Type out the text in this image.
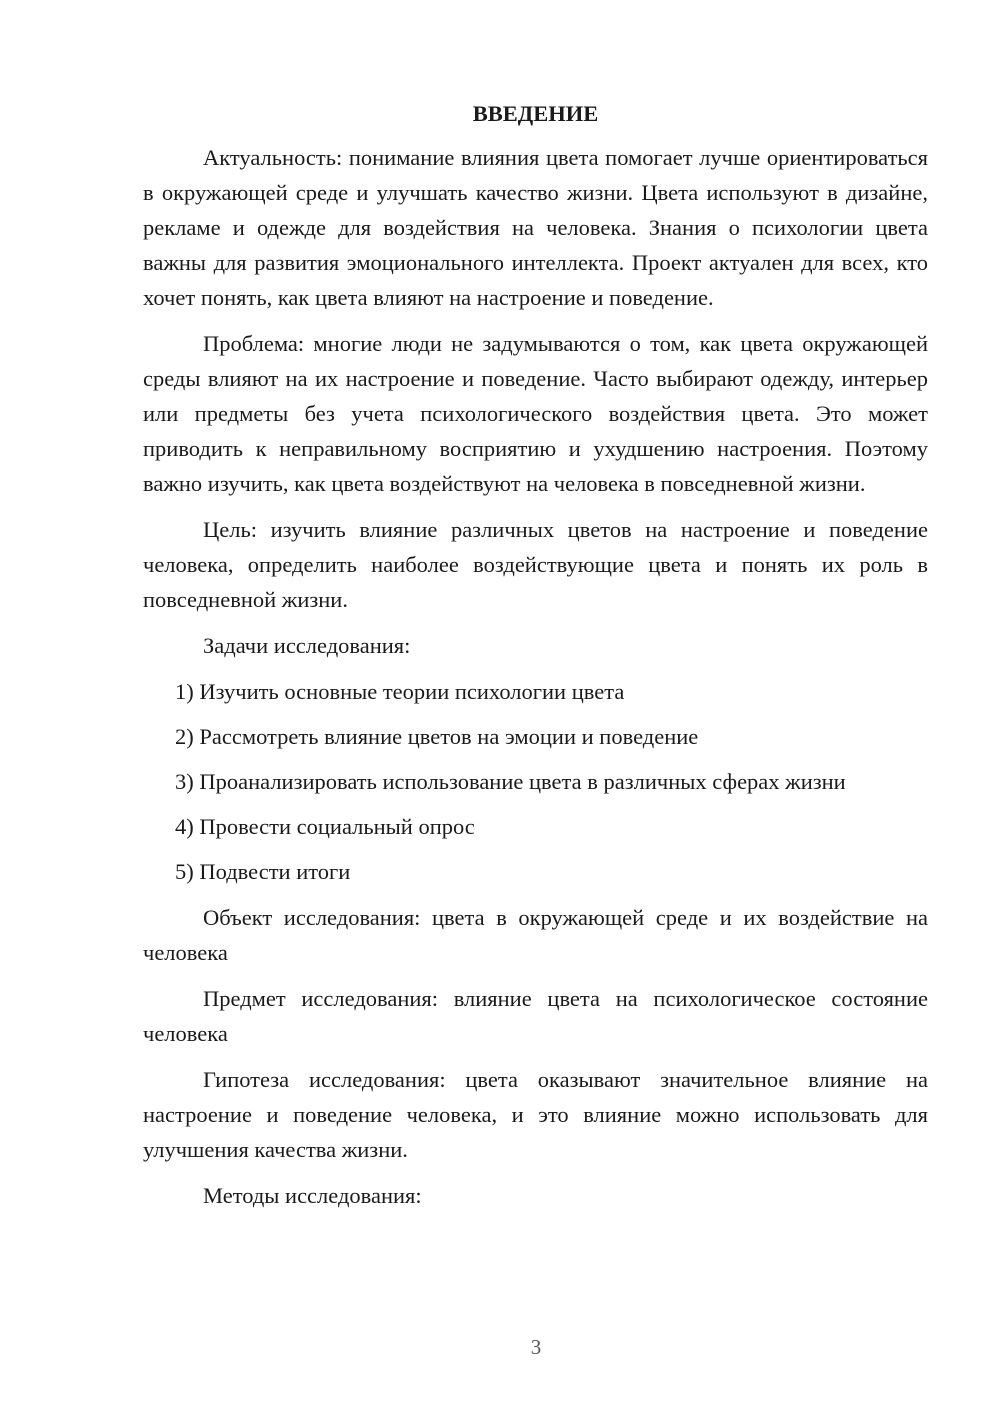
ВВЕДЕНИЕ

Актуальность: понимание влияния цвета помогает лучше ориентироваться в окружающей среде и улучшать качество жизни. Цвета используют в дизайне, рекламе и одежде для воздействия на человека. Знания о психологии цвета важны для развития эмоционального интеллекта. Проект актуален для всех, кто хочет понять, как цвета влияют на настроение и поведение.

Проблема: многие люди не задумываются о том, как цвета окружающей среды влияют на их настроение и поведение. Часто выбирают одежду, интерьер или предметы без учета психологического воздействия цвета. Это может приводить к неправильному восприятию и ухудшению настроения. Поэтому важно изучить, как цвета воздействуют на человека в повседневной жизни.

Цель: изучить влияние различных цветов на настроение и поведение человека, определить наиболее воздействующие цвета и понять их роль в повседневной жизни.

Задачи исследования:

1) Изучить основные теории психологии цвета
2) Рассмотреть влияние цветов на эмоции и поведение
3) Проанализировать использование цвета в различных сферах жизни
4) Провести социальный опрос
5) Подвести итоги

Объект исследования: цвета в окружающей среде и их воздействие на человека

Предмет исследования: влияние цвета на психологическое состояние человека

Гипотеза исследования: цвета оказывают значительное влияние на настроение и поведение человека, и это влияние можно использовать для улучшения качества жизни.

Методы исследования:

3
